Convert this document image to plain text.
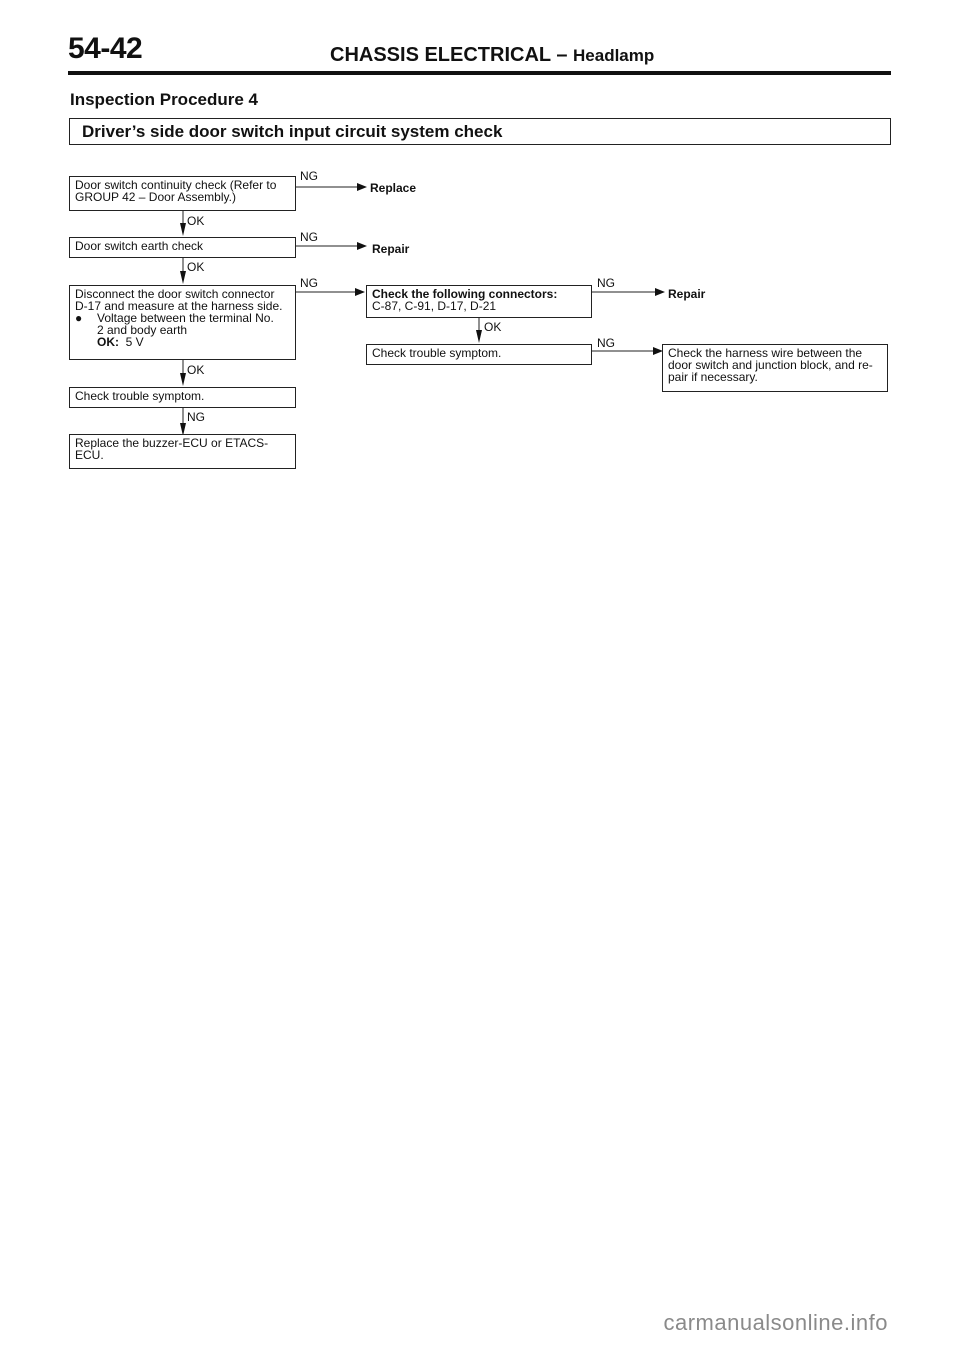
54-42	CHASSIS ELECTRICAL – Headlamp
Inspection Procedure 4
Driver’s side door switch input circuit system check
Door switch continuity check (Refer to
GROUP 42 – Door Assembly.)
NG
Replace
OK
Door switch earth check
NG
Repair
OK
Disconnect the door switch connector
D-17 and measure at the harness side.
● Voltage between the terminal No.
2 and body earth
OK: 5 V
NG
OK
Check the following connectors:
C-87, C-91, D-17, D-21
NG
Repair
OK
Check trouble symptom.
NG
Check the harness wire between the
door switch and junction block, and re-
pair if necessary.
Check trouble symptom.
NG
Replace the buzzer-ECU or ETACS-
ECU.
carmanualsonline.info
